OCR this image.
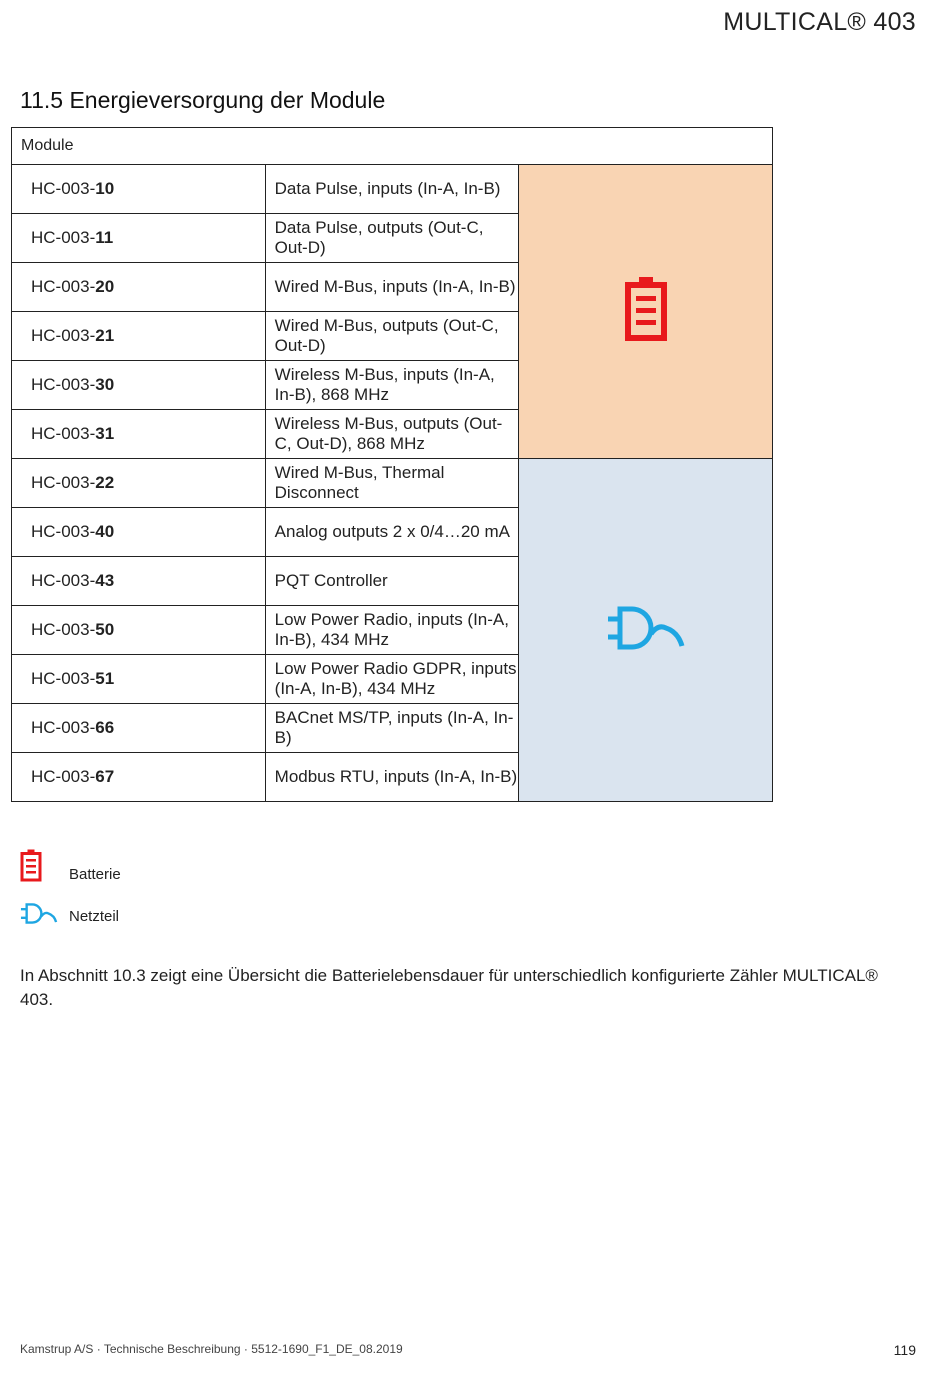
MULTICAL® 403
11.5 Energieversorgung der Module
Module		
HC-003-10	Data Pulse, inputs (In-A, In-B)	
HC-003-11	Data Pulse, outputs (Out-C, Out-D)	
HC-003-20	Wired M-Bus, inputs (In-A, In-B)	
HC-003-21	Wired M-Bus, outputs (Out-C, Out-D)	
HC-003-30	Wireless M-Bus, inputs (In-A, In-B), 868 MHz	
HC-003-31	Wireless M-Bus, outputs (Out-C, Out-D), 868 MHz	
HC-003-22	Wired M-Bus, Thermal Disconnect	
HC-003-40	Analog outputs 2 x 0/4…20 mA	
HC-003-43	PQT Controller	
HC-003-50	Low Power Radio, inputs (In-A, In-B), 434 MHz	
HC-003-51	Low Power Radio GDPR, inputs (In-A, In-B), 434 MHz	
HC-003-66	BACnet MS/TP, inputs (In-A, In-B)	
HC-003-67	Modbus RTU, inputs (In-A, In-B)	
Batterie
Netzteil
In Abschnitt 10.3 zeigt eine Übersicht die Batterielebensdauer für unterschiedlich konfigurierte Zähler MULTICAL® 403.
Kamstrup A/S · Technische Beschreibung · 5512-1690_F1_DE_08.2019	119
